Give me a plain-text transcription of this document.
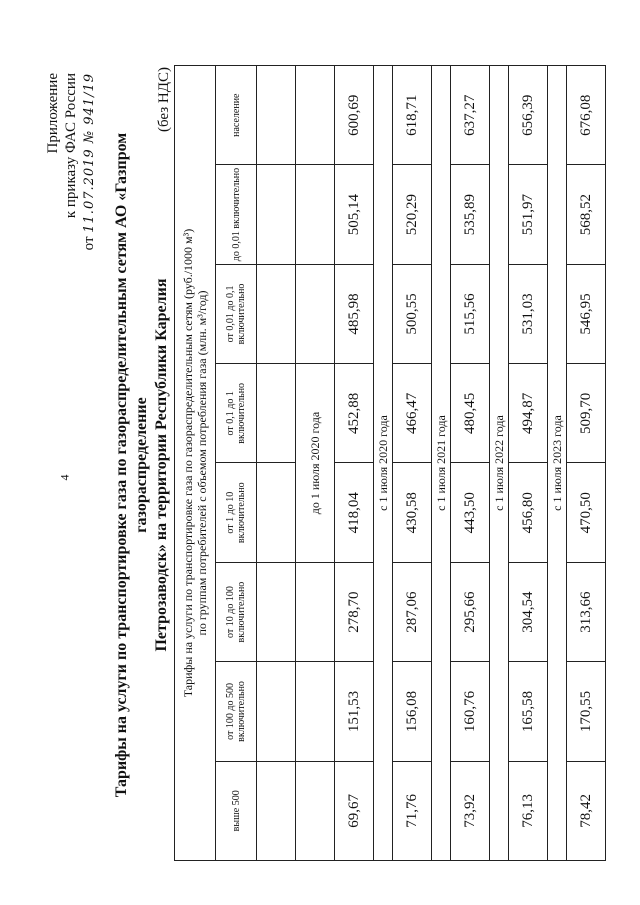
4
Приложение к приказу ФАС России
от 11.07.2019 № 941/19 Тарифы на услуги по транспортировке газа по газораспределительным сетям АО «Газпром газораспределение Петрозаводск» на территории Республики Карелия
(без НДС)
Тарифы на услуги по транспортировке газа по газораспределительным сетям (руб./1000 м³) по группам потребителей с объемом потребления газа (млн. м³/год)							

выше 500	от 100 до 500 включительно	от 10 до 100 включительно	от 1 до 10 включительно	от 0,1 до 1 включительно	от 0,01 до 0,1 включительно	до 0,01 включительно	население

			до 1 июля 2020 года				
69,67	151,53	278,70	418,04	452,88	485,98	505,14	600,69
с 1 июля 2020 года							
71,76	156,08	287,06	430,58	466,47	500,55	520,29	618,71
с 1 июля 2021 года							
73,92	160,76	295,66	443,50	480,45	515,56	535,89	637,27
с 1 июля 2022 года							
76,13	165,58	304,54	456,80	494,87	531,03	551,97	656,39
с 1 июля 2023 года							
78,42	170,55	313,66	470,50	509,70	546,95	568,52	676,08
